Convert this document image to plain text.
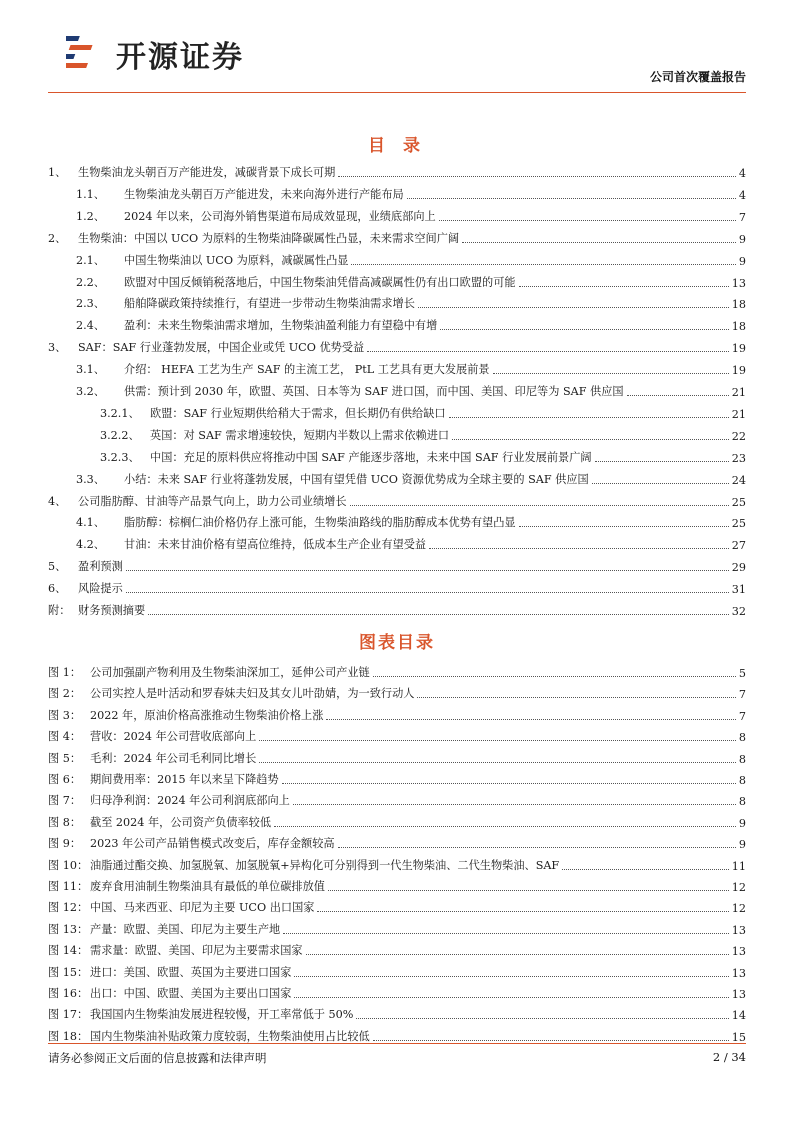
开源证券
公司首次覆盖报告
目 录
1、	生物柴油龙头朝百万产能进发，减碳背景下成长可期	4
1.1、	生物柴油龙头朝百万产能进发，未来向海外进行产能布局	4
1.2、	2024 年以来，公司海外销售渠道布局成效显现，业绩底部向上	7
2、	生物柴油：中国以 UCO 为原料的生物柴油降碳属性凸显，未来需求空间广阔	9
2.1、	中国生物柴油以 UCO 为原料，减碳属性凸显	9
2.2、	欧盟对中国反倾销税落地后，中国生物柴油凭借高减碳属性仍有出口欧盟的可能	13
2.3、	船舶降碳政策持续推行，有望进一步带动生物柴油需求增长	18
2.4、	盈利：未来生物柴油需求增加，生物柴油盈利能力有望稳中有增	18
3、	SAF：SAF 行业蓬勃发展，中国企业或凭 UCO 优势受益	19
3.1、	介绍： HEFA 工艺为生产 SAF 的主流工艺， PtL 工艺具有更大发展前景	19
3.2、	供需：预计到 2030 年，欧盟、英国、日本等为 SAF 进口国，而中国、美国、印尼等为 SAF 供应国	21
3.2.1、 欧盟：SAF 行业短期供给稍大于需求，但长期仍有供给缺口	21
3.2.2、 英国：对 SAF 需求增速较快，短期内半数以上需求依赖进口	22
3.2.3、 中国：充足的原料供应将推动中国 SAF 产能逐步落地，未来中国 SAF 行业发展前景广阔	23
3.3、	小结：未来 SAF 行业将蓬勃发展，中国有望凭借 UCO 资源优势成为全球主要的 SAF 供应国	24
4、	公司脂肪醇、甘油等产品景气向上，助力公司业绩增长	25
4.1、	脂肪醇：棕榈仁油价格仍存上涨可能，生物柴油路线的脂肪醇成本优势有望凸显	25
4.2、	甘油：未来甘油价格有望高位维持，低成本生产企业有望受益	27
5、	盈利预测	29
6、	风险提示	31
附： 财务预测摘要	32
图表目录
图 1： 公司加强副产物利用及生物柴油深加工，延伸公司产业链	5
图 2： 公司实控人是叶活动和罗春妹夫妇及其女儿叶劭婧，为一致行动人	7
图 3： 2022 年，原油价格高涨推动生物柴油价格上涨	7
图 4： 营收：2024 年公司营收底部向上	8
图 5： 毛利：2024 年公司毛利同比增长	8
图 6： 期间费用率：2015 年以来呈下降趋势	8
图 7： 归母净利润：2024 年公司利润底部向上	8
图 8： 截至 2024 年，公司资产负债率较低	9
图 9： 2023 年公司产品销售模式改变后，库存金额较高	9
图 10： 油脂通过酯交换、加氢脱氧、加氢脱氧+异构化可分别得到一代生物柴油、二代生物柴油、SAF	11
图 11： 废弃食用油制生物柴油具有最低的单位碳排放值	12
图 12： 中国、马来西亚、印尼为主要 UCO 出口国家	12
图 13： 产量：欧盟、美国、印尼为主要生产地	13
图 14： 需求量：欧盟、美国、印尼为主要需求国家	13
图 15： 进口：美国、欧盟、英国为主要进口国家	13
图 16： 出口：中国、欧盟、美国为主要出口国家	13
图 17： 我国国内生物柴油发展进程较慢，开工率常低于 50%	14
图 18： 国内生物柴油补贴政策力度较弱，生物柴油使用占比较低	15
请务必参阅正文后面的信息披露和法律声明	2 / 34
